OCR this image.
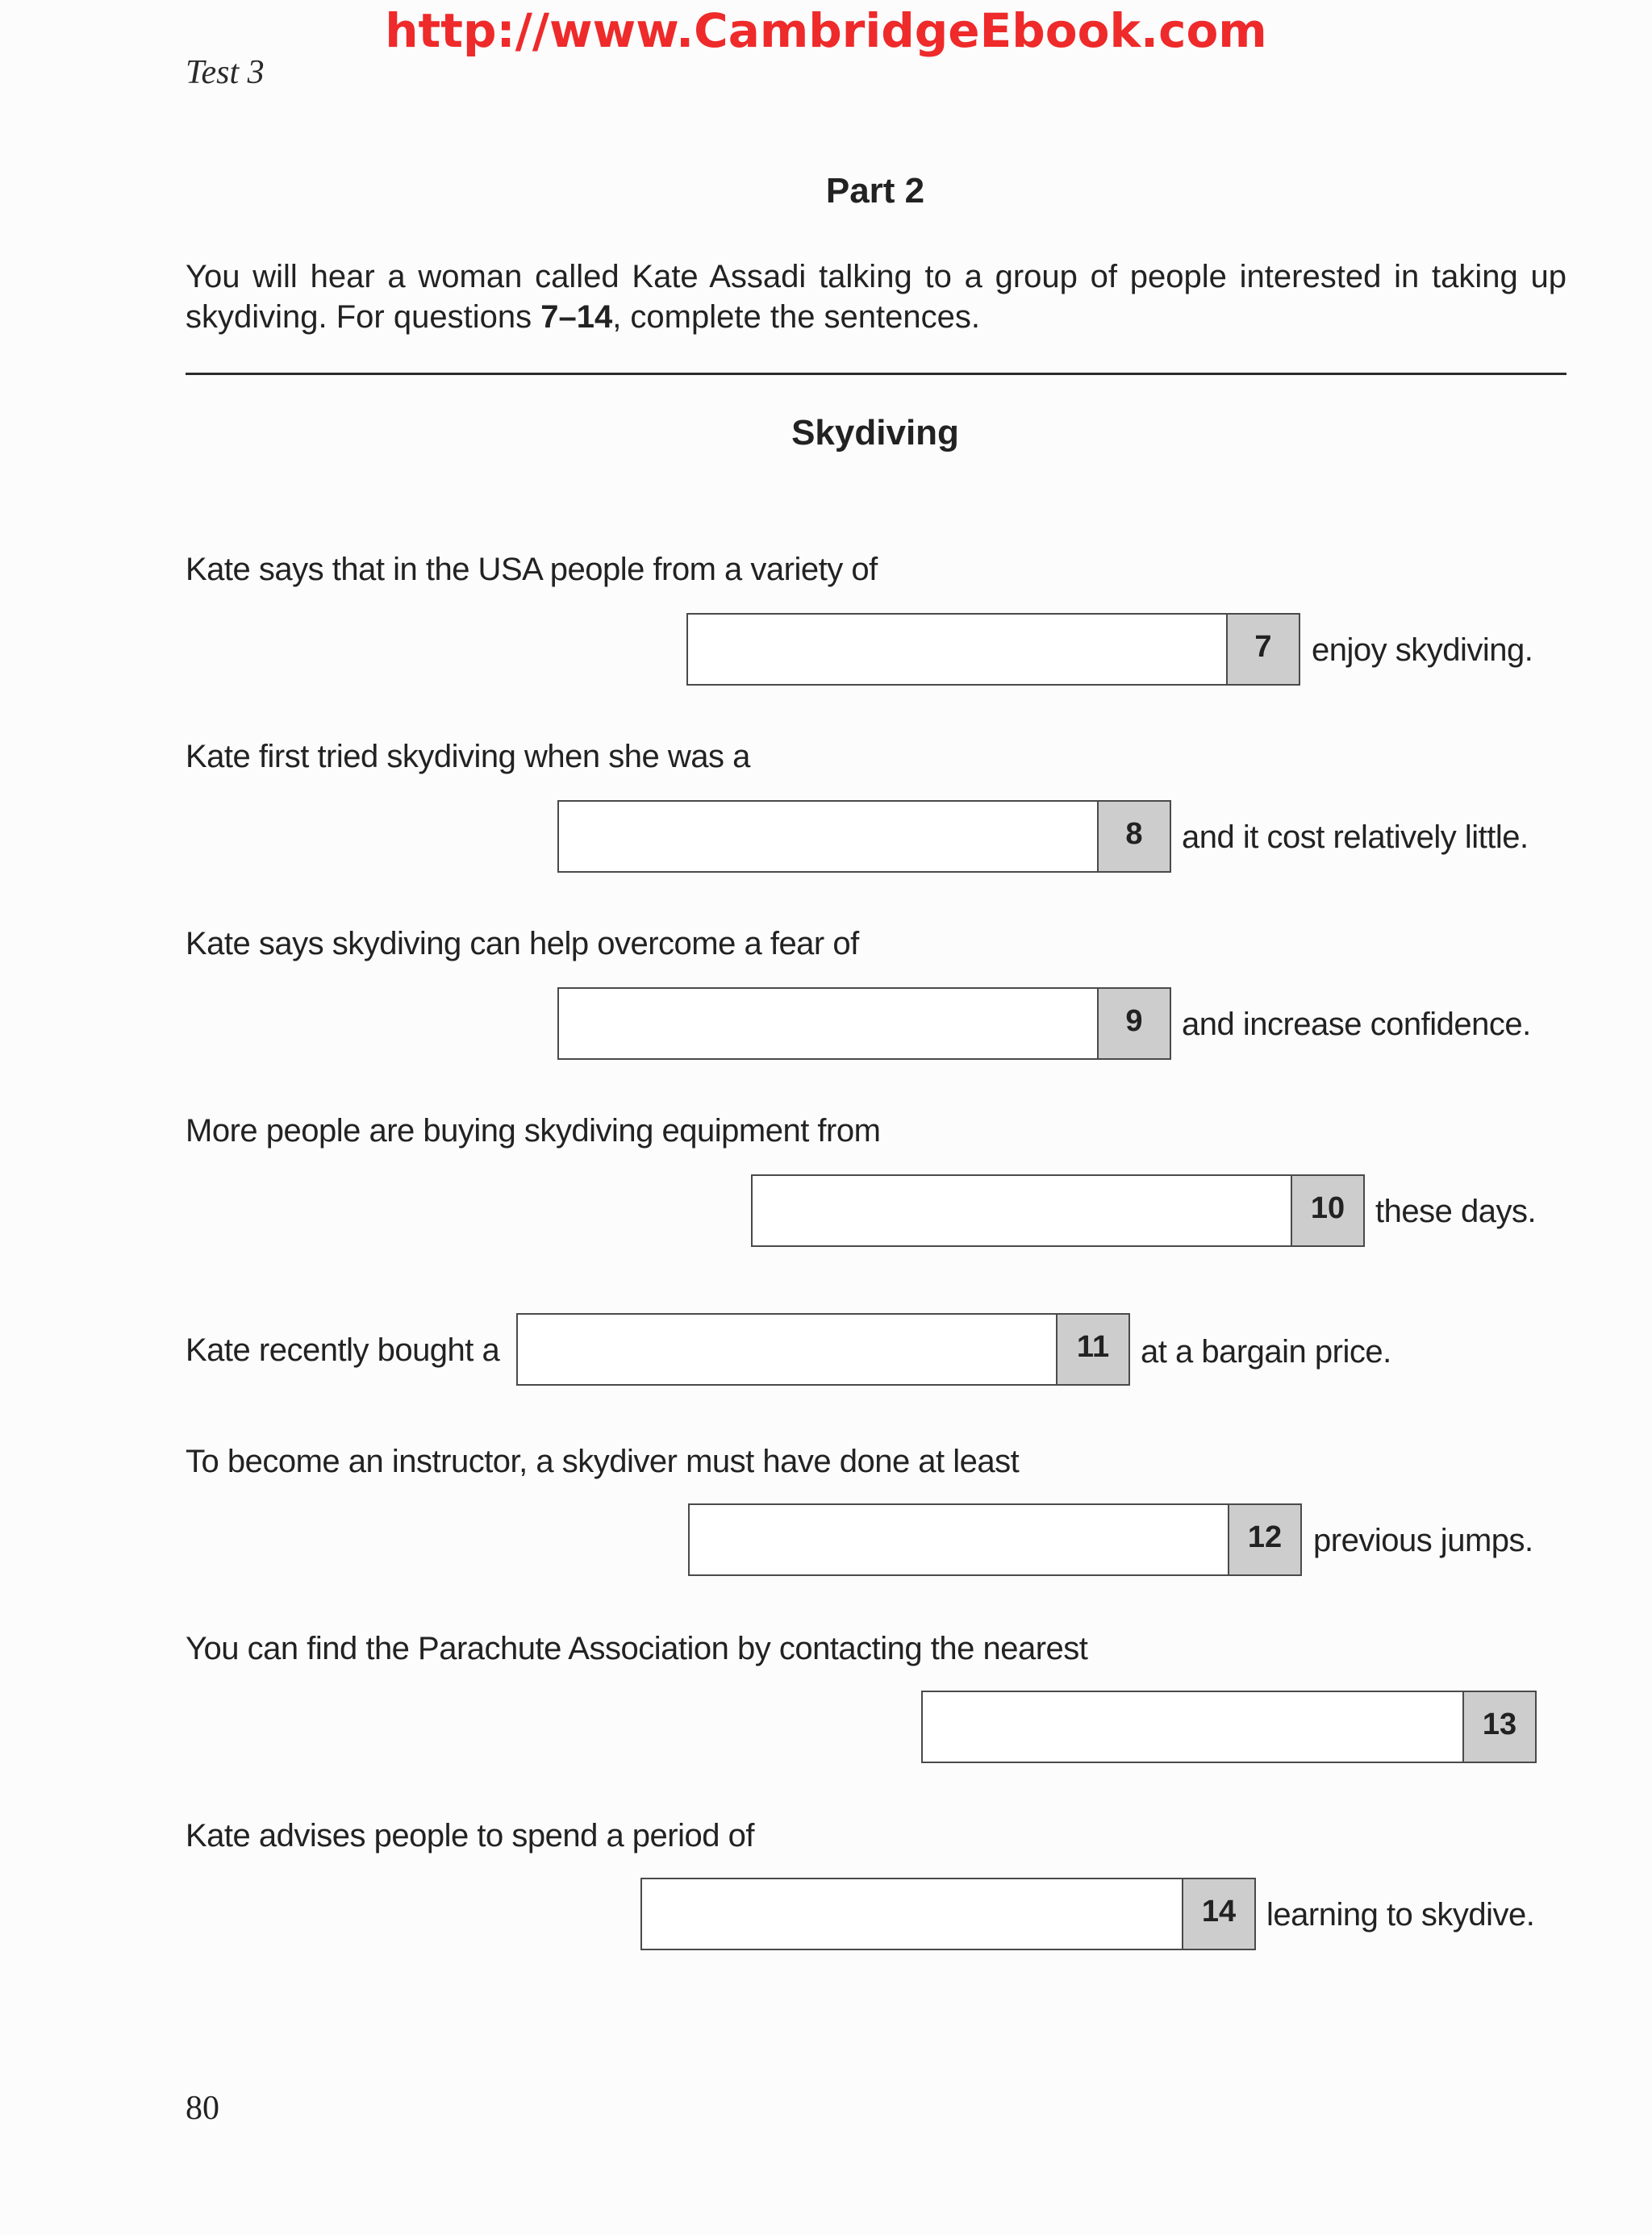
http://www.CambridgeEbook.com
Test 3
Part 2
You will hear a woman called Kate Assadi talking to a group of people interested in taking up skydiving. For questions 7–14, complete the sentences.
Skydiving
Kate says that in the USA people from a variety of
7	enjoy skydiving.
Kate first tried skydiving when she was a
8	and it cost relatively little.
Kate says skydiving can help overcome a fear of
9	and increase confidence.
More people are buying skydiving equipment from
10 these days.
Kate recently bought a	11 at a bargain price.
To become an instructor, a skydiver must have done at least
12 previous jumps.
You can find the Parachute Association by contacting the nearest
13
Kate advises people to spend a period of
14 learning to skydive.
80
